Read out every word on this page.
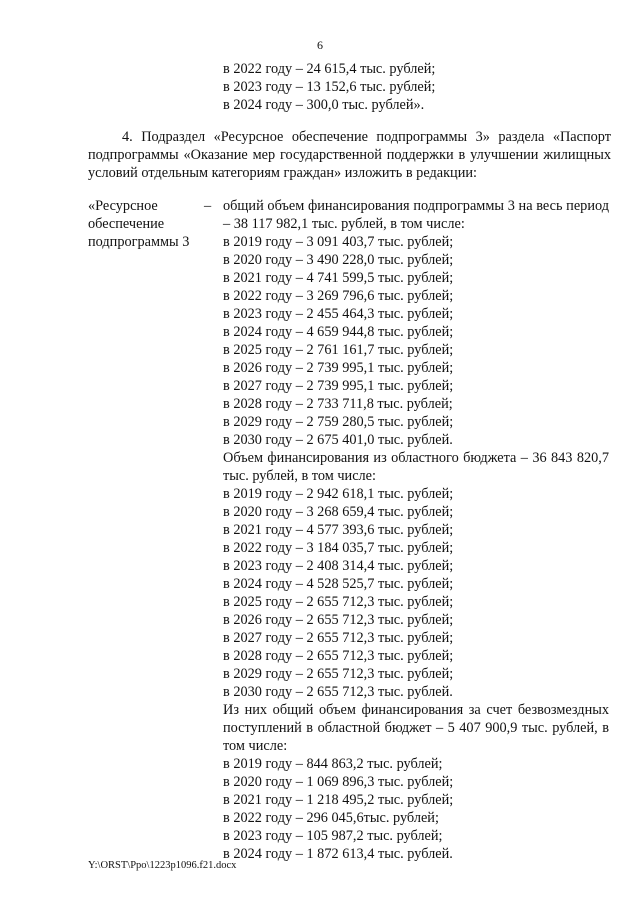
6
в 2022 году – 24 615,4 тыс. рублей;
в 2023 году – 13 152,6 тыс. рублей;
в 2024 году – 300,0 тыс. рублей».
4. Подраздел «Ресурсное обеспечение подпрограммы 3» раздела «Паспорт подпрограммы «Оказание мер государственной поддержки в улучшении жилищных условий отдельным категориям граждан» изложить в редакции:
«Ресурсное обеспечение подпрограммы 3
– общий объем финансирования подпрограммы 3 на весь период – 38 117 982,1 тыс. рублей, в том числе:
в 2019 году – 3 091 403,7 тыс. рублей;
в 2020 году – 3 490 228,0 тыс. рублей;
в 2021 году – 4 741 599,5 тыс. рублей;
в 2022 году – 3 269 796,6 тыс. рублей;
в 2023 году – 2 455 464,3 тыс. рублей;
в 2024 году – 4 659 944,8 тыс. рублей;
в 2025 году – 2 761 161,7 тыс. рублей;
в 2026 году – 2 739 995,1 тыс. рублей;
в 2027 году – 2 739 995,1 тыс. рублей;
в 2028 году – 2 733 711,8 тыс. рублей;
в 2029 году – 2 759 280,5 тыс. рублей;
в 2030 году – 2 675 401,0 тыс. рублей.
Объем финансирования из областного бюджета – 36 843 820,7 тыс. рублей, в том числе:
в 2019 году – 2 942 618,1 тыс. рублей;
в 2020 году – 3 268 659,4 тыс. рублей;
в 2021 году – 4 577 393,6 тыс. рублей;
в 2022 году – 3 184 035,7 тыс. рублей;
в 2023 году – 2 408 314,4 тыс. рублей;
в 2024 году – 4 528 525,7 тыс. рублей;
в 2025 году – 2 655 712,3 тыс. рублей;
в 2026 году – 2 655 712,3 тыс. рублей;
в 2027 году – 2 655 712,3 тыс. рублей;
в 2028 году – 2 655 712,3 тыс. рублей;
в 2029 году – 2 655 712,3 тыс. рублей;
в 2030 году – 2 655 712,3 тыс. рублей.
Из них общий объем финансирования за счет безвозмездных поступлений в областной бюджет – 5 407 900,9 тыс. рублей, в том числе:
в 2019 году – 844 863,2 тыс. рублей;
в 2020 году – 1 069 896,3 тыс. рублей;
в 2021 году – 1 218 495,2 тыс. рублей;
в 2022 году – 296 045,6тыс. рублей;
в 2023 году – 105 987,2 тыс. рублей;
в 2024 году – 1 872 613,4 тыс. рублей.
Y:\ORST\Ppo\1223p1096.f21.docx
